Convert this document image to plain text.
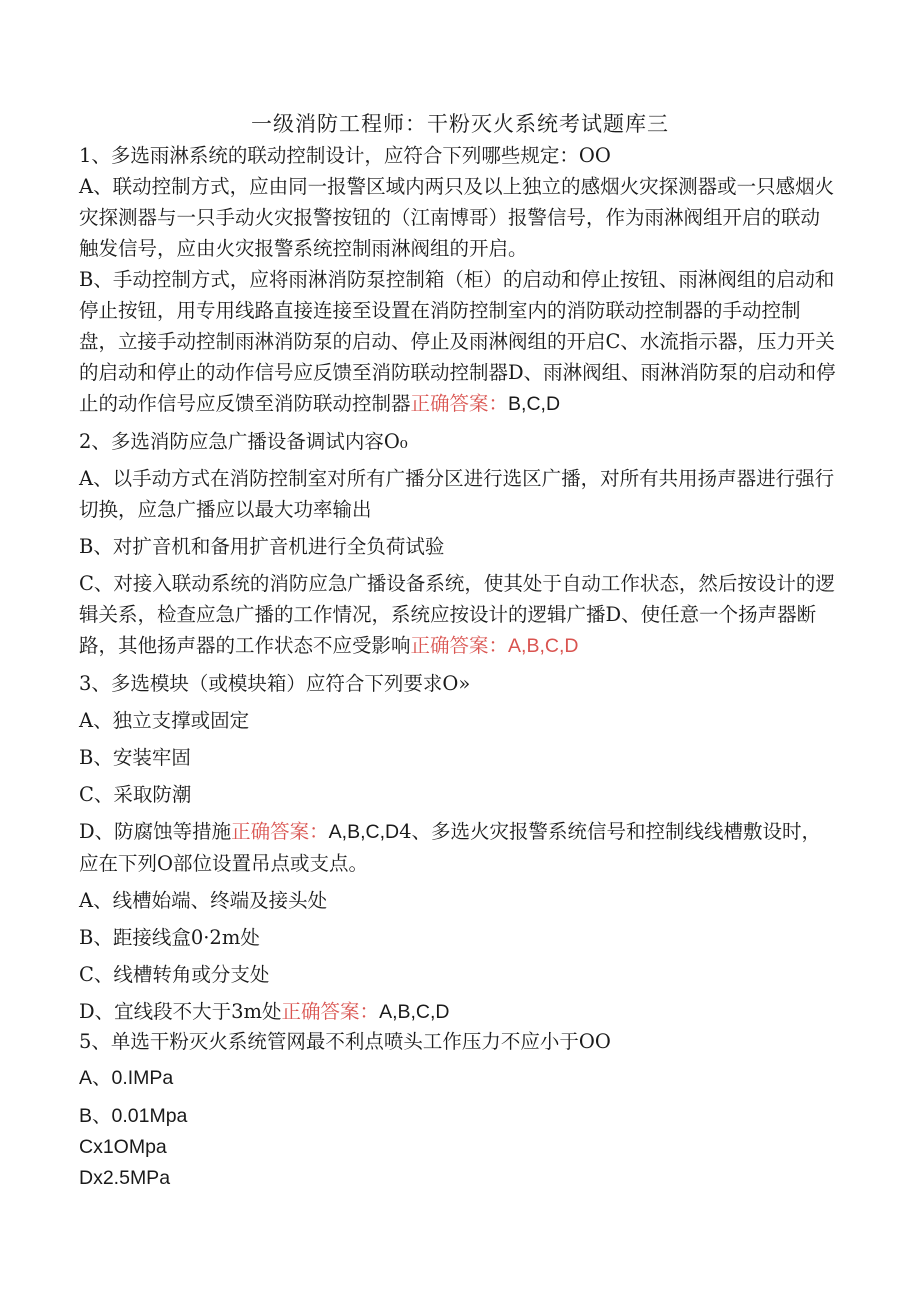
一级消防工程师：干粉灭火系统考试题库三

1、多选雨淋系统的联动控制设计，应符合下列哪些规定：OO

A、联动控制方式，应由同一报警区域内两只及以上独立的感烟火灾探测器或一只感烟火灾探测器与一只手动火灾报警按钮的（江南博哥）报警信号，作为雨淋阀组开启的联动触发信号，应由火灾报警系统控制雨淋阀组的开启。

B、手动控制方式，应将雨淋消防泵控制箱（柜）的启动和停止按钮、雨淋阀组的启动和停止按钮，用专用线路直接连接至设置在消防控制室内的消防联动控制器的手动控制盘，立接手动控制雨淋消防泵的启动、停止及雨淋阀组的开启C、水流指示器，压力开关的启动和停止的动作信号应反馈至消防联动控制器D、雨淋阀组、雨淋消防泵的启动和停止的动作信号应反馈至消防联动控制器正确答案：B,C,D

2、多选消防应急广播设备调试内容O₀

A、以手动方式在消防控制室对所有广播分区进行选区广播，对所有共用扬声器进行强行切换，应急广播应以最大功率输出

B、对扩音机和备用扩音机进行全负荷试验

C、对接入联动系统的消防应急广播设备系统，使其处于自动工作状态，然后按设计的逻辑关系，检查应急广播的工作情况，系统应按设计的逻辑广播D、使任意一个扬声器断路，其他扬声器的工作状态不应受影响正确答案：A,B,C,D

3、多选模块（或模块箱）应符合下列要求O»

A、独立支撑或固定

B、安装牢固

C、采取防潮

D、防腐蚀等措施正确答案：A,B,C,D4、多选火灾报警系统信号和控制线线槽敷设时，应在下列O部位设置吊点或支点。

A、线槽始端、终端及接头处

B、距接线盒0·2m处

C、线槽转角或分支处

D、宜线段不大于3m处正确答案：A,B,C,D

5、单选干粉灭火系统管网最不利点喷头工作压力不应小于OO

A、0.IMPa

B、0.01Mpa

Cx1OMpa

Dx2.5MPa
